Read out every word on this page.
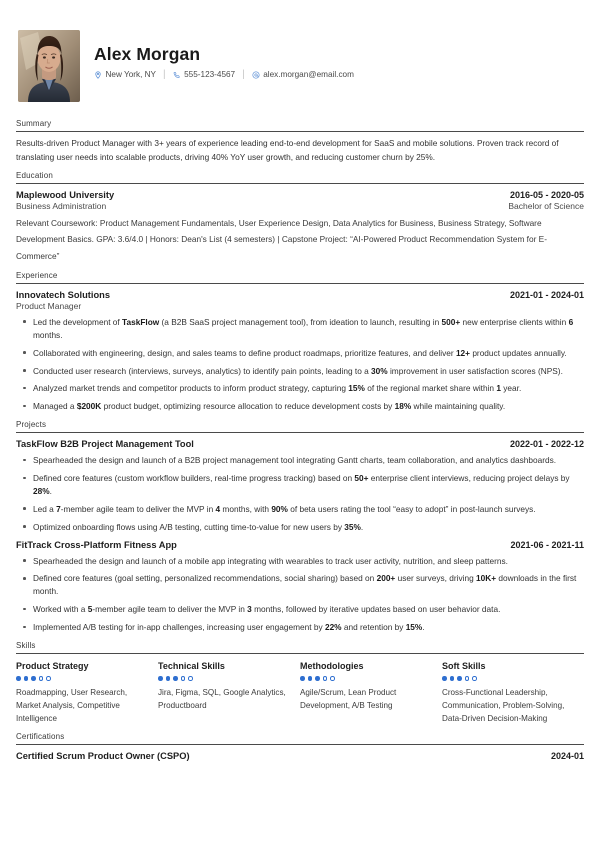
Alex Morgan
New York, NY | 555-123-4567 | alex.morgan@email.com
Summary
Results-driven Product Manager with 3+ years of experience leading end-to-end development for SaaS and mobile solutions. Proven track record of translating user needs into scalable products, driving 40% YoY user growth, and reducing customer churn by 25%.
Education
Maplewood University	2016-05 - 2020-05
Business Administration	Bachelor of Science
Relevant Coursework: Product Management Fundamentals, User Experience Design, Data Analytics for Business, Business Strategy, Software Development Basics. GPA: 3.6/4.0 | Honors: Dean's List (4 semesters) | Capstone Project: “AI-Powered Product Recommendation System for E-Commerce”
Experience
Innovatech Solutions	2021-01 - 2024-01
Product Manager
Led the development of TaskFlow (a B2B SaaS project management tool), from ideation to launch, resulting in 500+ new enterprise clients within 6 months.
Collaborated with engineering, design, and sales teams to define product roadmaps, prioritize features, and deliver 12+ product updates annually.
Conducted user research (interviews, surveys, analytics) to identify pain points, leading to a 30% improvement in user satisfaction scores (NPS).
Analyzed market trends and competitor products to inform product strategy, capturing 15% of the regional market share within 1 year.
Managed a $200K product budget, optimizing resource allocation to reduce development costs by 18% while maintaining quality.
Projects
TaskFlow B2B Project Management Tool	2022-01 - 2022-12
Spearheaded the design and launch of a B2B project management tool integrating Gantt charts, team collaboration, and analytics dashboards.
Defined core features (custom workflow builders, real-time progress tracking) based on 50+ enterprise client interviews, reducing project delays by 28%.
Led a 7-member agile team to deliver the MVP in 4 months, with 90% of beta users rating the tool “easy to adopt” in post-launch surveys.
Optimized onboarding flows using A/B testing, cutting time-to-value for new users by 35%.
FitTrack Cross-Platform Fitness App	2021-06 - 2021-11
Spearheaded the design and launch of a mobile app integrating with wearables to track user activity, nutrition, and sleep patterns.
Defined core features (goal setting, personalized recommendations, social sharing) based on 200+ user surveys, driving 10K+ downloads in the first month.
Worked with a 5-member agile team to deliver the MVP in 3 months, followed by iterative updates based on user behavior data.
Implemented A/B testing for in-app challenges, increasing user engagement by 22% and retention by 15%.
Skills
Product Strategy
Roadmapping, User Research, Market Analysis, Competitive Intelligence
Technical Skills
Jira, Figma, SQL, Google Analytics, Productboard
Methodologies
Agile/Scrum, Lean Product Development, A/B Testing
Soft Skills
Cross-Functional Leadership, Communication, Problem-Solving, Data-Driven Decision-Making
Certifications
Certified Scrum Product Owner (CSPO)	2024-01
